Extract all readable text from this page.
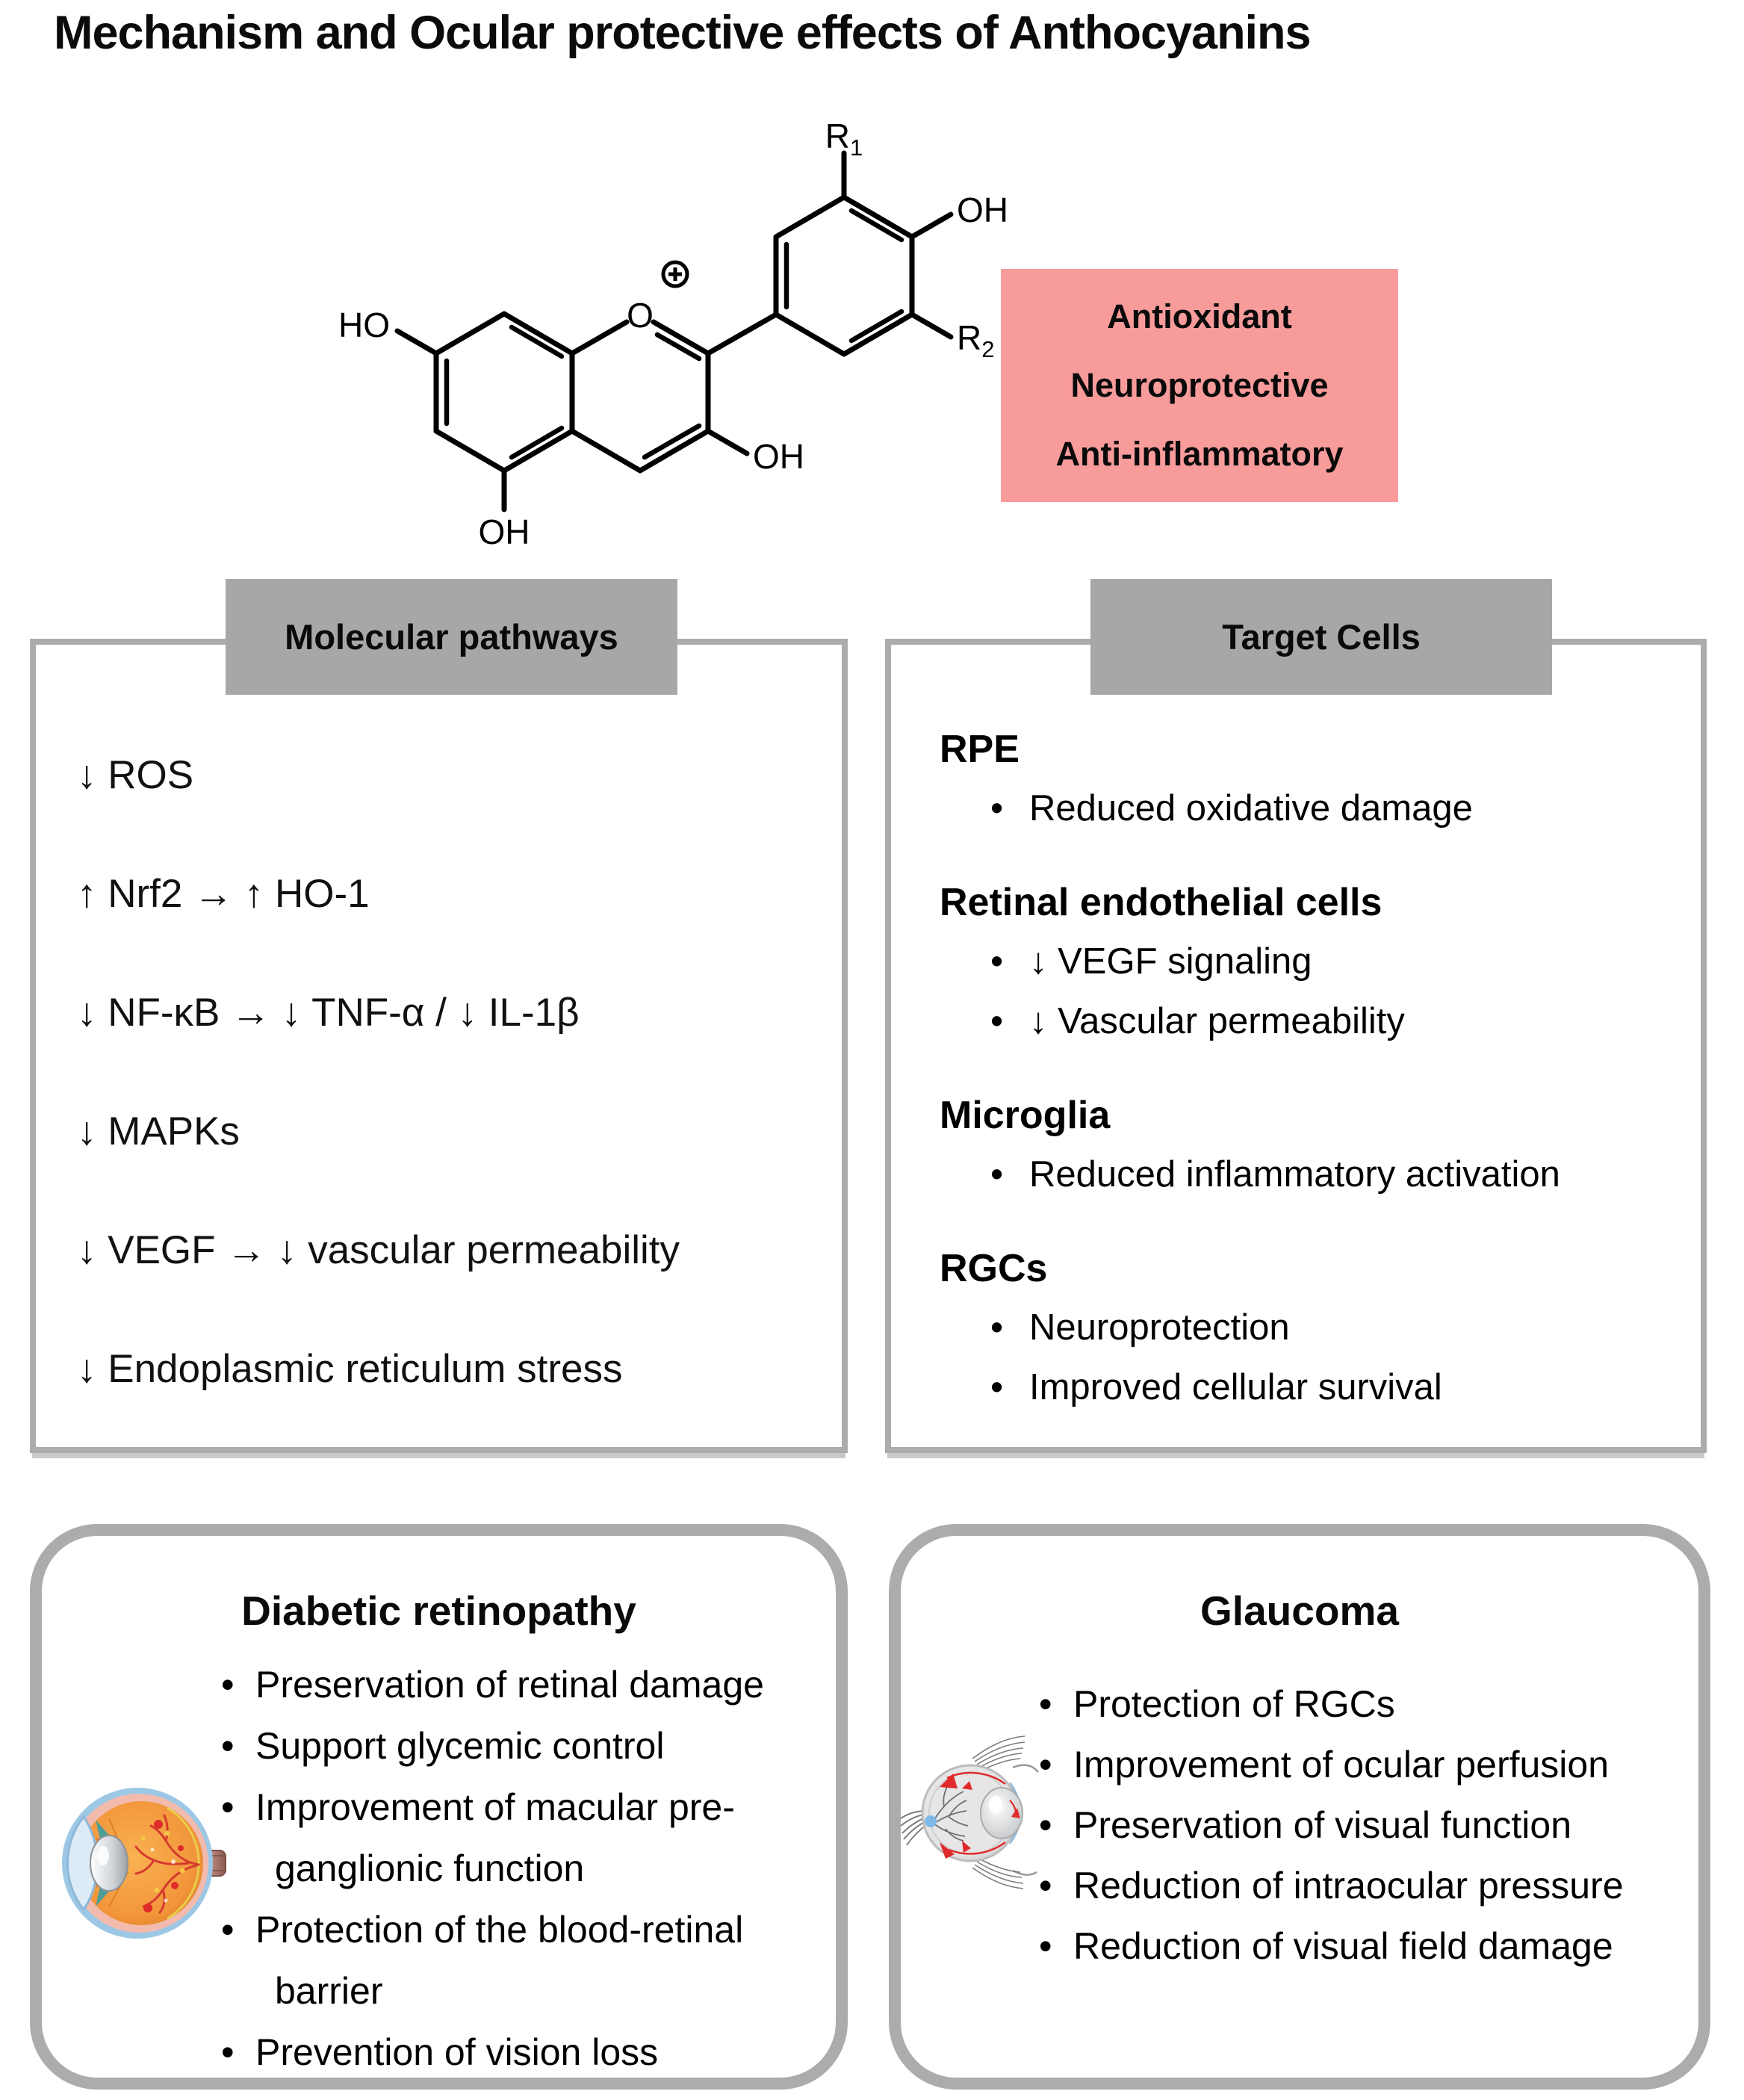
Mechanism and Ocular protective effects of Anthocyanins
O
$R_1$
OH
$R_2$
OH
HO
OH
Antioxidant
Neuroprotective
Anti-inflammatory
Molecular pathways	Target Cells
↓ ROS
↑ Nrf2 → ↑ HO-1
↓ NF-κB → ↓ TNF-α / ↓ IL-1β
↓ MAPKs
↓ VEGF → ↓ vascular permeability
↓ Endoplasmic reticulum stress

RPE

• Reduced oxidative damage

Retinal endothelial cells

• ↓ VEGF signaling
• ↓ Vascular permeability

Microglia

• Reduced inflammatory activation

RGCs

• Neuroprotection
• Improved cellular survival
Diabetic retinopathy
• Preservation of retinal damage
• Support glycemic control
• Improvement of macular pre-ganglionic function
• Protection of the blood-retinal barrier
• Prevention of vision loss
Glaucoma
• Protection of RGCs
• Improvement of ocular perfusion
• Preservation of visual function
• Reduction of intraocular pressure
• Reduction of visual field damage
